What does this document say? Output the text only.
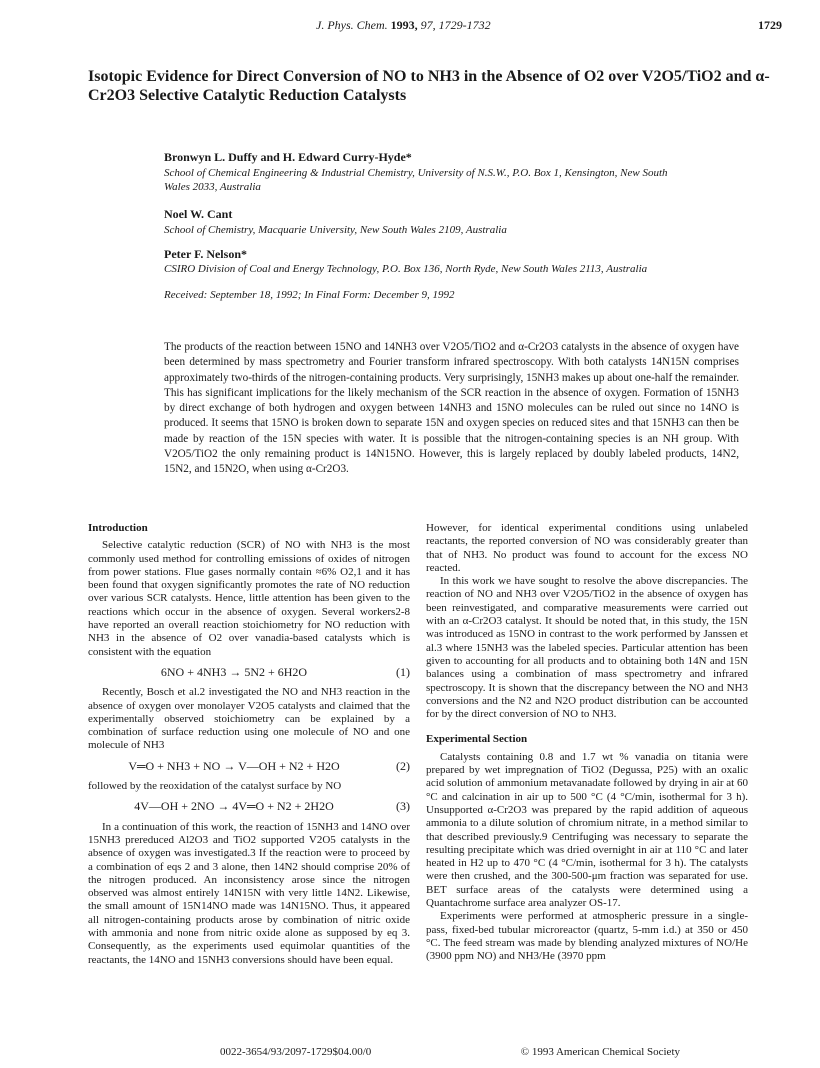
J. Phys. Chem. 1993, 97, 1729-1732	1729
Isotopic Evidence for Direct Conversion of NO to NH3 in the Absence of O2 over V2O5/TiO2 and α-Cr2O3 Selective Catalytic Reduction Catalysts
Bronwyn L. Duffy and H. Edward Curry-Hyde*
School of Chemical Engineering & Industrial Chemistry, University of N.S.W., P.O. Box 1, Kensington, New South Wales 2033, Australia
Noel W. Cant
School of Chemistry, Macquarie University, New South Wales 2109, Australia
Peter F. Nelson*
CSIRO Division of Coal and Energy Technology, P.O. Box 136, North Ryde, New South Wales 2113, Australia
Received: September 18, 1992; In Final Form: December 9, 1992
The products of the reaction between 15NO and 14NH3 over V2O5/TiO2 and α-Cr2O3 catalysts in the absence of oxygen have been determined by mass spectrometry and Fourier transform infrared spectroscopy. With both catalysts 14N15N comprises approximately two-thirds of the nitrogen-containing products. Very surprisingly, 15NH3 makes up about one-half the remainder. This has significant implications for the likely mechanism of the SCR reaction in the absence of oxygen. Formation of 15NH3 by direct exchange of both hydrogen and oxygen between 14NH3 and 15NO molecules can be ruled out since no 14NO is produced. It seems that 15NO is broken down to separate 15N and oxygen species on reduced sites and that 15NH3 can then be made by reaction of the 15N species with water. It is possible that the nitrogen-containing species is an NH group. With V2O5/TiO2 the only remaining product is 14N15NO. However, this is largely replaced by doubly labeled products, 14N2, 15N2, and 15N2O, when using α-Cr2O3.
Introduction

Selective catalytic reduction (SCR) of NO with NH3 is the most commonly used method for controlling emissions of oxides of nitrogen from power stations. Flue gases normally contain ≈6% O2,1 and it has been found that oxygen significantly promotes the rate of NO reduction over various SCR catalysts. Hence, little attention has been given to the reactions which occur in the absence of oxygen. Several workers2-8 have reported an overall reaction stoichiometry for NO reduction with NH3 in the absence of O2 over vanadia-based catalysts which is consistent with the equation

6NO + 4NH3 → 5N2 + 6H2O	(1)

Recently, Bosch et al.2 investigated the NO and NH3 reaction in the absence of oxygen over monolayer V2O5 catalysts and claimed that the experimentally observed stoichiometry can be explained by a combination of surface reduction using one molecule of NO and one molecule of NH3

V═O + NH3 + NO → V—OH + N2 + H2O	(2)

followed by the reoxidation of the catalyst surface by NO

4V—OH + 2NO → 4V═O + N2 + 2H2O	(3)

In a continuation of this work, the reaction of 15NH3 and 14NO over 15NH3 prereduced Al2O3 and TiO2 supported V2O5 catalysts in the absence of oxygen was investigated.3 If the reaction were to proceed by a combination of eqs 2 and 3 alone, then 14N2 should comprise 20% of the nitrogen produced. An inconsistency arose since the nitrogen observed was almost entirely 14N15N with very little 14N2. Likewise, the small amount of 15N14NO made was 14N15NO. Thus, it appeared all nitrogen-containing products arose by combination of nitric oxide with ammonia and none from nitric oxide alone as supposed by eq 3. Consequently, as the experiments used equimolar quantities of the reactants, the 14NO and 15NH3 conversions should have been equal.

However, for identical experimental conditions using unlabeled reactants, the reported conversion of NO was considerably greater than that of NH3. No product was found to account for the excess NO reacted.

In this work we have sought to resolve the above discrepancies. The reaction of NO and NH3 over V2O5/TiO2 in the absence of oxygen has been reinvestigated, and comparative measurements were carried out with an α-Cr2O3 catalyst. It should be noted that, in this study, the 15N was introduced as 15NO in contrast to the work performed by Janssen et al.3 where 15NH3 was the labeled species. Particular attention has been given to accounting for all products and to obtaining both 14N and 15N balances using a combination of mass spectrometry and infrared spectroscopy. It is shown that the discrepancy between the NO and NH3 conversions and the N2 and N2O product distribution can be accounted for by the direct conversion of NO to NH3.

Experimental Section

Catalysts containing 0.8 and 1.7 wt % vanadia on titania were prepared by wet impregnation of TiO2 (Degussa, P25) with an oxalic acid solution of ammonium metavanadate followed by drying in air at 60 °C and calcination in air up to 500 °C (4 °C/min, isothermal for 3 h). Unsupported α-Cr2O3 was prepared by the rapid addition of aqueous ammonia to a dilute solution of chromium nitrate, in a method similar to that described previously.9 Centrifuging was necessary to separate the resulting precipitate which was dried overnight in air at 110 °C and later heated in H2 up to 470 °C (4 °C/min, isothermal for 3 h). The catalysts were then crushed, and the 300-500-μm fraction was separated for use. BET surface areas of the catalysts were determined using a Quantachrome surface area analyzer OS-17.

Experiments were performed at atmospheric pressure in a single-pass, fixed-bed tubular microreactor (quartz, 5-mm i.d.) at 350 or 450 °C. The feed stream was made by blending analyzed mixtures of NO/He (3900 ppm NO) and NH3/He (3970 ppm

0022-3654/93/2097-1729$04.00/0	© 1993 American Chemical Society
